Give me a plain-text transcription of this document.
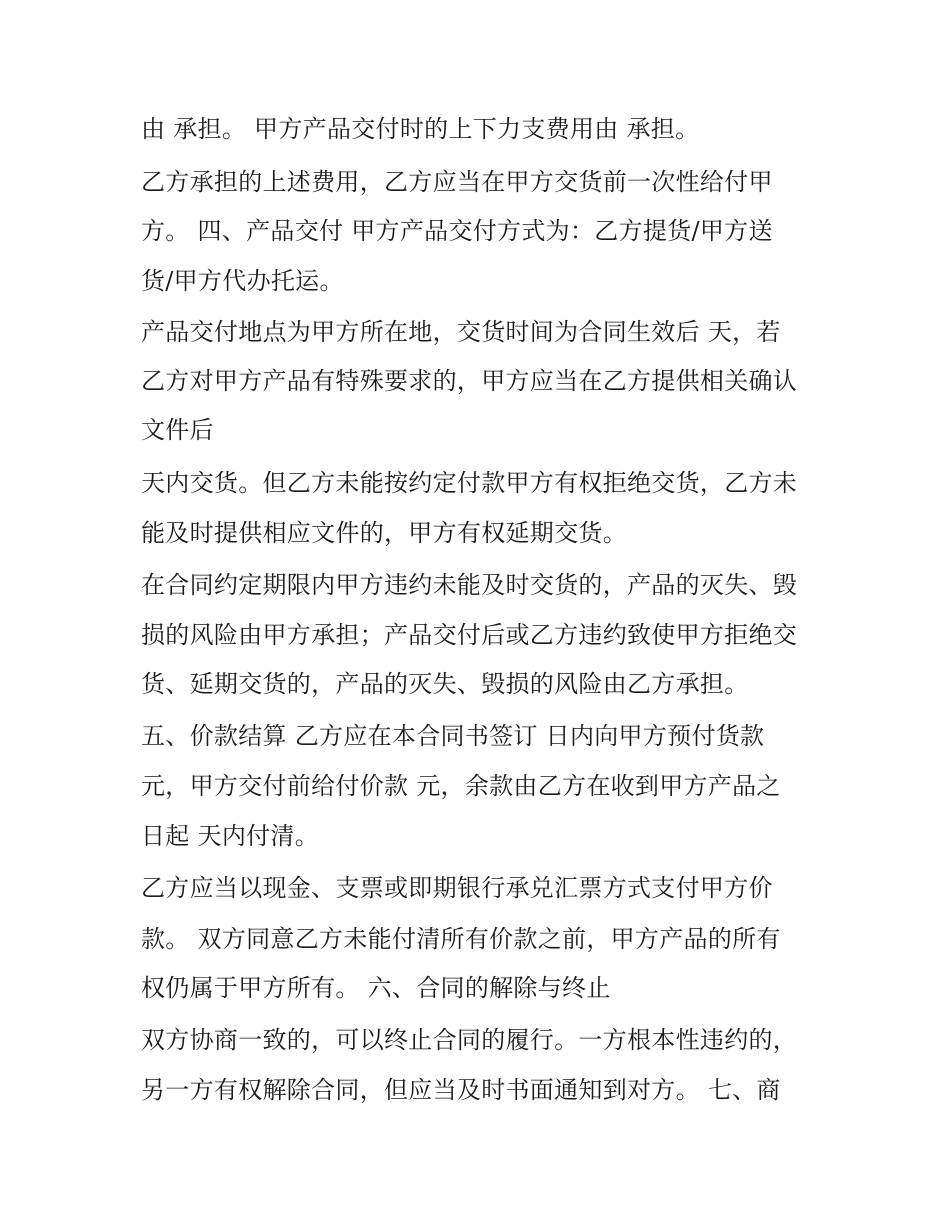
由 承担。 甲方产品交付时的上下力支费用由 承担。

乙方承担的上述费用，乙方应当在甲方交货前一次性给付甲

方。 四、产品交付 甲方产品交付方式为：乙方提货/甲方送

货/甲方代办托运。

产品交付地点为甲方所在地，交货时间为合同生效后 天，若

乙方对甲方产品有特殊要求的，甲方应当在乙方提供相关确认

文件后

天内交货。但乙方未能按约定付款甲方有权拒绝交货，乙方未

能及时提供相应文件的，甲方有权延期交货。

在合同约定期限内甲方违约未能及时交货的，产品的灭失、毁

损的风险由甲方承担；产品交付后或乙方违约致使甲方拒绝交

货、延期交货的，产品的灭失、毁损的风险由乙方承担。

五、价款结算 乙方应在本合同书签订 日内向甲方预付货款

元，甲方交付前给付价款 元，余款由乙方在收到甲方产品之

日起 天内付清。

乙方应当以现金、支票或即期银行承兑汇票方式支付甲方价

款。 双方同意乙方未能付清所有价款之前，甲方产品的所有

权仍属于甲方所有。 六、合同的解除与终止

双方协商一致的，可以终止合同的履行。一方根本性违约的，

另一方有权解除合同，但应当及时书面通知到对方。 七、商
